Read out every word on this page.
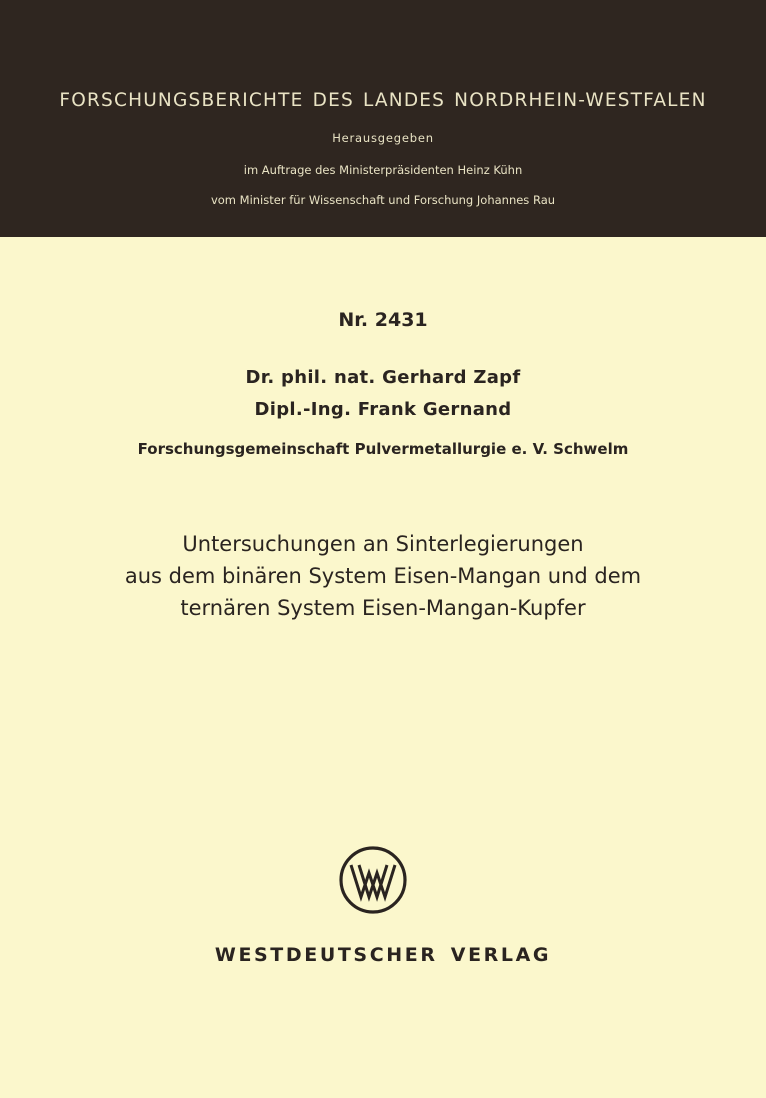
FORSCHUNGSBERICHTE DES LANDES NORDRHEIN-WESTFALEN
Herausgegeben
im Auftrage des Ministerpräsidenten Heinz Kühn
vom Minister für Wissenschaft und Forschung Johannes Rau
Nr. 2431
Dr. phil. nat. Gerhard Zapf
Dipl.-Ing. Frank Gernand
Forschungsgemeinschaft Pulvermetallurgie e. V. Schwelm
Untersuchungen an Sinterlegierungen
aus dem binären System Eisen-Mangan und dem
ternären System Eisen-Mangan-Kupfer
WESTDEUTSCHER VERLAG
